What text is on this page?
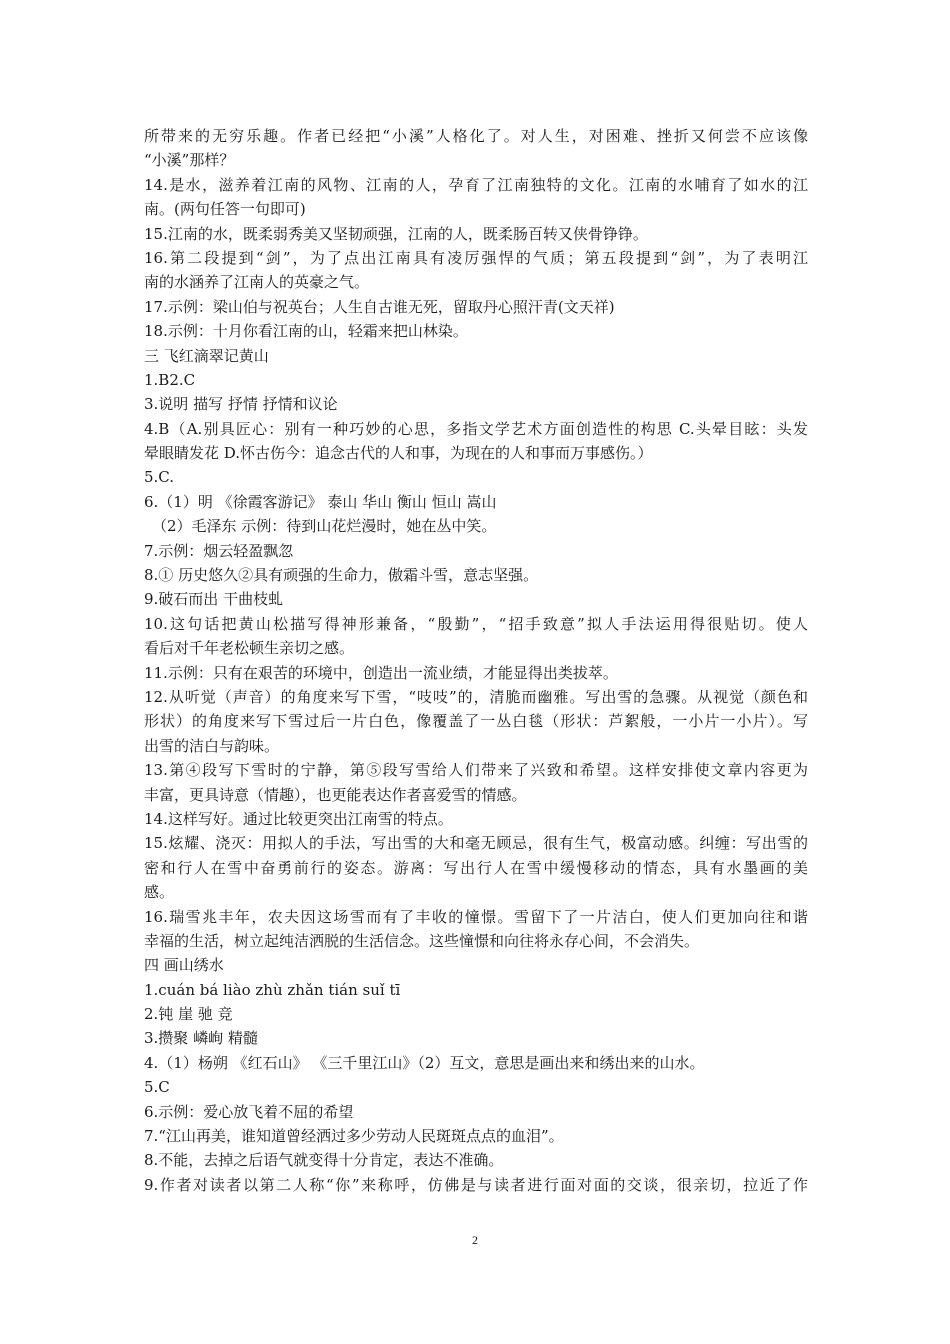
所带来的无穷乐趣。作者已经把“小溪”人格化了。对人生，对困难、挫折又何尝不应该像
“小溪”那样？
14.是水，滋养着江南的风物、江南的人，孕育了江南独特的文化。江南的水哺育了如水的江
南。(两句任答一句即可)
15.江南的水，既柔弱秀美又坚韧顽强，江南的人，既柔肠百转又侠骨铮铮。
16.第二段提到“剑”，为了点出江南具有凌厉强悍的气质；第五段提到“剑”，为了表明江
南的水涵养了江南人的英豪之气。
17.示例：梁山伯与祝英台；人生自古谁无死，留取丹心照汗青(文天祥)
18.示例：十月你看江南的山，轻霜来把山林染。
三 飞红滴翠记黄山
1.B2.C
3.说明 描写 抒情 抒情和议论
4.B（A.别具匠心：别有一种巧妙的心思，多指文学艺术方面创造性的构思 C.头晕目眩：头发
晕眼睛发花 D.怀古伤今：追念古代的人和事，为现在的人和事而万事感伤。）
5.C.
6.（1）明 《徐霞客游记》 泰山 华山 衡山 恒山 嵩山
（2）毛泽东 示例：待到山花烂漫时，她在丛中笑。
7.示例：烟云轻盈飘忽
8.① 历史悠久②具有顽强的生命力，傲霜斗雪，意志坚强。
9.破石而出 干曲枝虬
10.这句话把黄山松描写得神形兼备，“殷勤”，“招手致意”拟人手法运用得很贴切。使人
看后对千年老松顿生亲切之感。
11.示例：只有在艰苦的环境中，创造出一流业绩，才能显得出类拔萃。
12.从听觉（声音）的角度来写下雪，“吱吱”的，清脆而幽雅。写出雪的急骤。从视觉（颜色和
形状）的角度来写下雪过后一片白色，像覆盖了一丛白毯（形状：芦絮般，一小片一小片）。写
出雪的洁白与韵味。
13.第④段写下雪时的宁静，第⑤段写雪给人们带来了兴致和希望。这样安排使文章内容更为
丰富，更具诗意（情趣），也更能表达作者喜爱雪的情感。
14.这样写好。通过比较更突出江南雪的特点。
15.炫耀、浇灭：用拟人的手法，写出雪的大和毫无顾忌，很有生气，极富动感。纠缠：写出雪的
密和行人在雪中奋勇前行的姿态。游离：写出行人在雪中缓慢移动的情态，具有水墨画的美
感。
16.瑞雪兆丰年，农夫因这场雪而有了丰收的憧憬。雪留下了一片洁白，使人们更加向往和谐
幸福的生活，树立起纯洁洒脱的生活信念。这些憧憬和向往将永存心间，不会消失。
四 画山绣水
1.cuán bá liào zhù zhǎn tián suǐ tī
2.钝 崖 驰 竞
3.攒聚 嶙峋 精髓
4.（1）杨朔 《红石山》 《三千里江山》（2）互文，意思是画出来和绣出来的山水。
5.C
6.示例：爱心放飞着不屈的希望
7.“江山再美，谁知道曾经洒过多少劳动人民斑斑点点的血泪”。
8.不能，去掉之后语气就变得十分肯定，表达不准确。
9.作者对读者以第二人称“你”来称呼，仿佛是与读者进行面对面的交谈，很亲切，拉近了作
2
